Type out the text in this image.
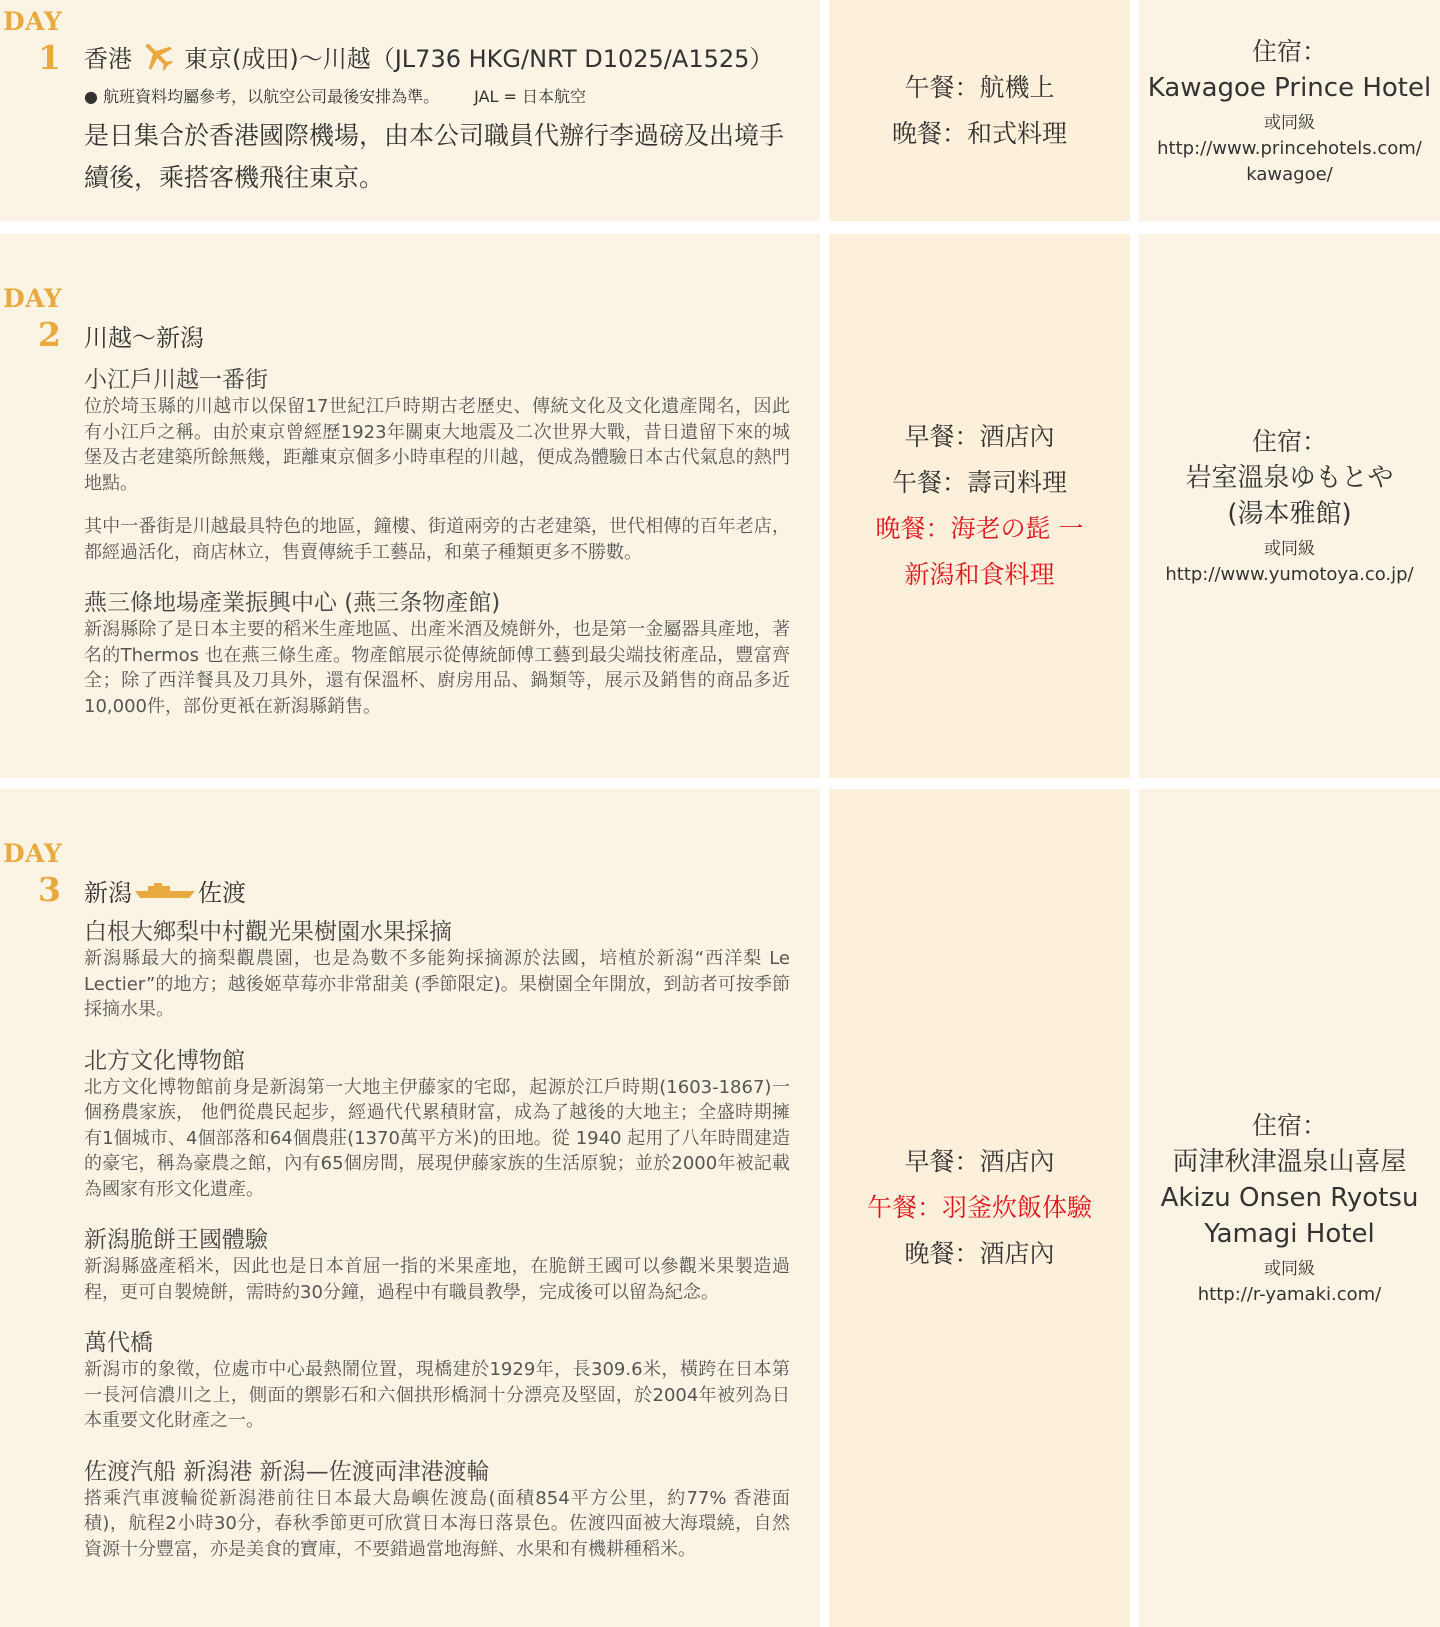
DAY
1 香港 東京(成田)～川越（JL736 HKG/NRT D1025/A1525）
● 航班資料均屬參考，以航空公司最後安排為準。 JAL = 日本航空
是日集合於香港國際機場，由本公司職員代辦行李過磅及出境手續後，乘搭客機飛往東京。
午餐：航機上
晚餐：和式料理
住宿：
Kawagoe Prince Hotel
或同級
http://www.princehotels.com/
kawagoe/
DAY
2 川越～新潟
小江戶川越一番街
位於埼玉縣的川越市以保留17世紀江戶時期古老歷史、傳統文化及文化遺產聞名，因此有小江戶之稱。由於東京曾經歷1923年關東大地震及二次世界大戰，昔日遺留下來的城堡及古老建築所餘無幾，距離東京個多小時車程的川越，便成為體驗日本古代氣息的熱門地點。
其中一番街是川越最具特色的地區，鐘樓、街道兩旁的古老建築，世代相傳的百年老店，都經過活化，商店林立，售賣傳統手工藝品，和菓子種類更多不勝數。
燕三條地場產業振興中心 (燕三条物產館)
新潟縣除了是日本主要的稻米生產地區、出產米酒及燒餅外，也是第一金屬器具產地，著名的Thermos 也在燕三條生產。物產館展示從傳統師傅工藝到最尖端技術產品，豐富齊全；除了西洋餐具及刀具外，還有保溫杯、廚房用品、鍋類等，展示及銷售的商品多近10,000件，部份更衹在新潟縣銷售。
早餐：酒店內
午餐：壽司料理
晚餐：海老の髭 一
新潟和食料理
住宿：
岩室溫泉ゆもとや
(湯本雅館)
或同級
http://www.yumotoya.co.jp/
DAY
3 新潟	佐渡
白根大鄉梨中村觀光果樹園水果採摘
新潟縣最大的摘梨觀農園，也是為數不多能夠採摘源於法國，培植於新潟“西洋梨 Le Lectier”的地方；越後姬草莓亦非常甜美 (季節限定)。果樹園全年開放，到訪者可按季節採摘水果。
北方文化博物館
北方文化博物館前身是新潟第一大地主伊藤家的宅邸，起源於江戶時期(1603-1867)一個務農家族， 他們從農民起步，經過代代累積財富，成為了越後的大地主；全盛時期擁有1個城市、4個部落和64個農莊(1370萬平方米)的田地。從 1940 起用了八年時間建造的豪宅，稱為豪農之館，內有65個房間，展現伊藤家族的生活原貌；並於2000年被記載為國家有形文化遺產。
新潟脆餅王國體驗
新潟縣盛產稻米，因此也是日本首屈一指的米果產地，在脆餅王國可以參觀米果製造過程，更可自製燒餅，需時約30分鐘，過程中有職員教學，完成後可以留為紀念。
萬代橋
新潟市的象徵，位處市中心最熱鬧位置，現橋建於1929年，長309.6米，橫跨在日本第一長河信濃川之上，側面的禦影石和六個拱形橋洞十分漂亮及堅固，於2004年被列為日本重要文化財產之一。
佐渡汽船 新潟港 新潟—佐渡両津港渡輪
搭乘汽車渡輪從新潟港前往日本最大島嶼佐渡島(面積854平方公里，約77% 香港面積)，航程2小時30分，春秋季節更可欣賞日本海日落景色。佐渡四面被大海環繞，自然資源十分豐富，亦是美食的寶庫，不要錯過當地海鮮、水果和有機耕種稻米。
早餐：酒店內
午餐：羽釜炊飯体驗
晚餐：酒店內
住宿：
両津秋津溫泉山喜屋
Akizu Onsen Ryotsu
Yamagi Hotel
或同級
http://r-yamaki.com/
